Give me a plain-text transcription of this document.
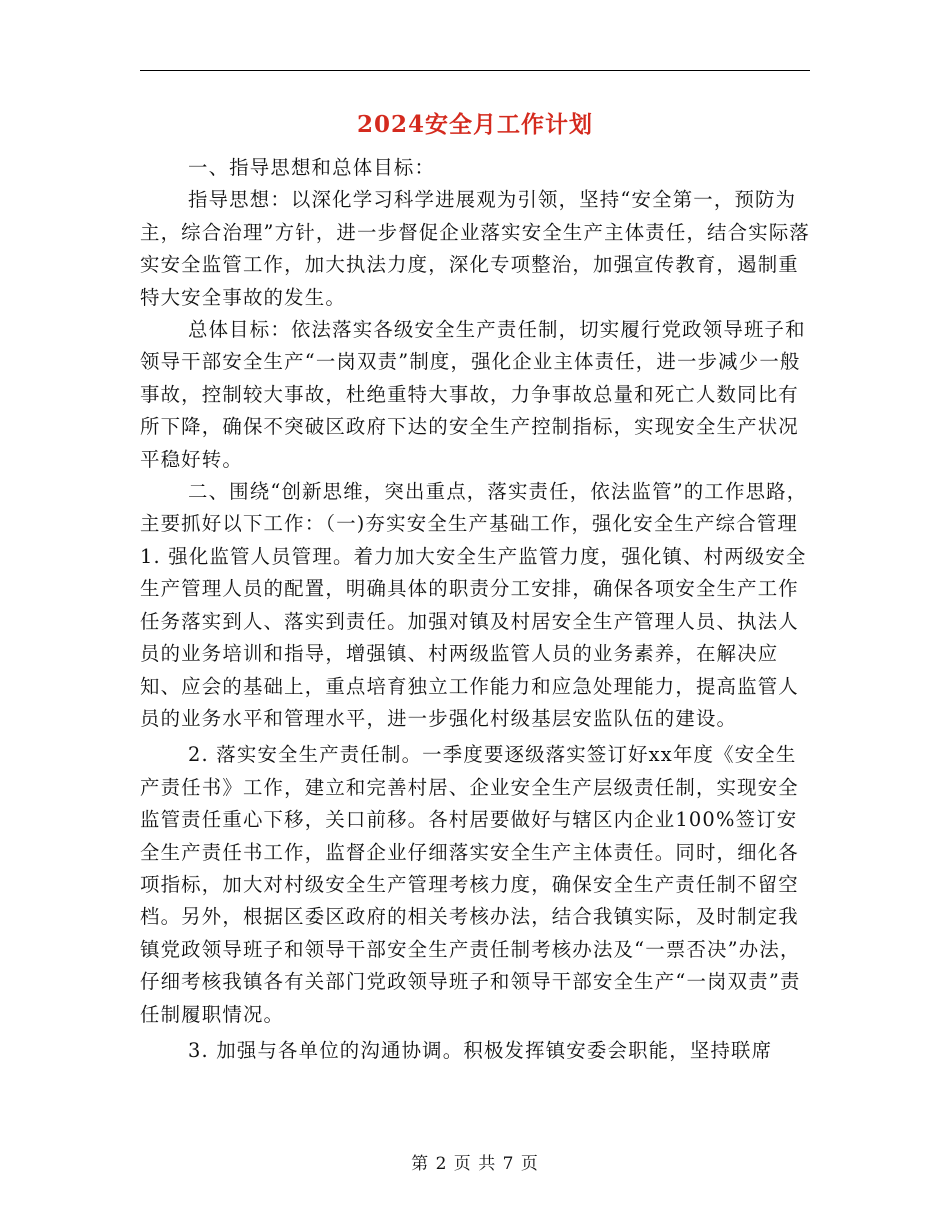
2024安全月工作计划

一、指导思想和总体目标：

指导思想：以深化学习科学进展观为引领，坚持“安全第一，预防为主，综合治理”方针，进一步督促企业落实安全生产主体责任，结合实际落实安全监管工作，加大执法力度，深化专项整治，加强宣传教育，遏制重特大安全事故的发生。

总体目标：依法落实各级安全生产责任制，切实履行党政领导班子和领导干部安全生产“一岗双责”制度，强化企业主体责任，进一步减少一般事故，控制较大事故，杜绝重特大事故，力争事故总量和死亡人数同比有所下降，确保不突破区政府下达的安全生产控制指标，实现安全生产状况平稳好转。

二、围绕“创新思维，突出重点，落实责任，依法监管”的工作思路，主要抓好以下工作：（一)夯实安全生产基础工作，强化安全生产综合管理 1. 强化监管人员管理。着力加大安全生产监管力度，强化镇、村两级安全生产管理人员的配置，明确具体的职责分工安排，确保各项安全生产工作任务落实到人、落实到责任。加强对镇及村居安全生产管理人员、执法人员的业务培训和指导，增强镇、村两级监管人员的业务素养，在解决应知、应会的基础上，重点培育独立工作能力和应急处理能力，提高监管人员的业务水平和管理水平，进一步强化村级基层安监队伍的建设。

2. 落实安全生产责任制。一季度要逐级落实签订好xx年度《安全生产责任书》工作，建立和完善村居、企业安全生产层级责任制，实现安全监管责任重心下移，关口前移。各村居要做好与辖区内企业100%签订安全生产责任书工作，监督企业仔细落实安全生产主体责任。同时，细化各项指标，加大对村级安全生产管理考核力度，确保安全生产责任制不留空档。另外，根据区委区政府的相关考核办法，结合我镇实际，及时制定我镇党政领导班子和领导干部安全生产责任制考核办法及“一票否决”办法，仔细考核我镇各有关部门党政领导班子和领导干部安全生产“一岗双责”责任制履职情况。

3. 加强与各单位的沟通协调。积极发挥镇安委会职能，坚持联席

第 2 页 共 7 页
